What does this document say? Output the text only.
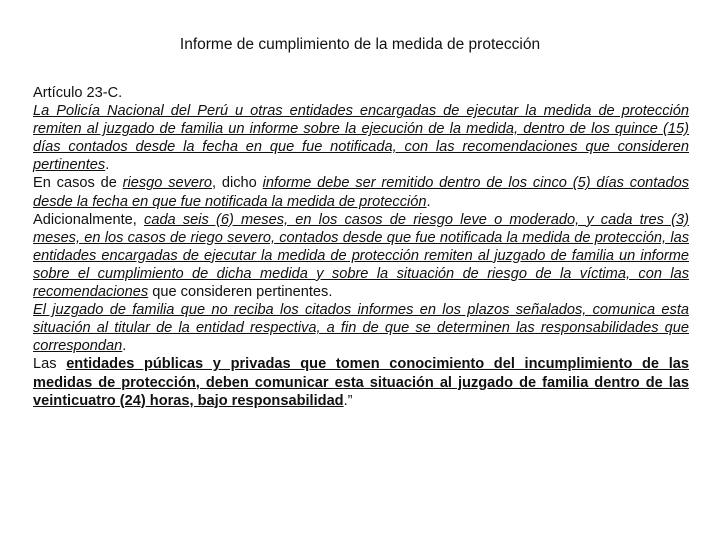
Informe de cumplimiento de la medida de protección
Artículo 23-C.

La Policía Nacional del Perú u otras entidades encargadas de ejecutar la medida de protección remiten al juzgado de familia un informe sobre la ejecución de la medida, dentro de los quince (15) días contados desde la fecha en que fue notificada, con las recomendaciones que consideren pertinentes.

En casos de riesgo severo, dicho informe debe ser remitido dentro de los cinco (5) días contados desde la fecha en que fue notificada la medida de protección.

Adicionalmente, cada seis (6) meses, en los casos de riesgo leve o moderado, y cada tres (3) meses, en los casos de riego severo, contados desde que fue notificada la medida de protección, las entidades encargadas de ejecutar la medida de protección remiten al juzgado de familia un informe sobre el cumplimiento de dicha medida y sobre la situación de riesgo de la víctima, con las recomendaciones que consideren pertinentes.

El juzgado de familia que no reciba los citados informes en los plazos señalados, comunica esta situación al titular de la entidad respectiva, a fin de que se determinen las responsabilidades que correspondan.

Las entidades públicas y privadas que tomen conocimiento del incumplimiento de las medidas de protección, deben comunicar esta situación al juzgado de familia dentro de las veinticuatro (24) horas, bajo responsabilidad.”
